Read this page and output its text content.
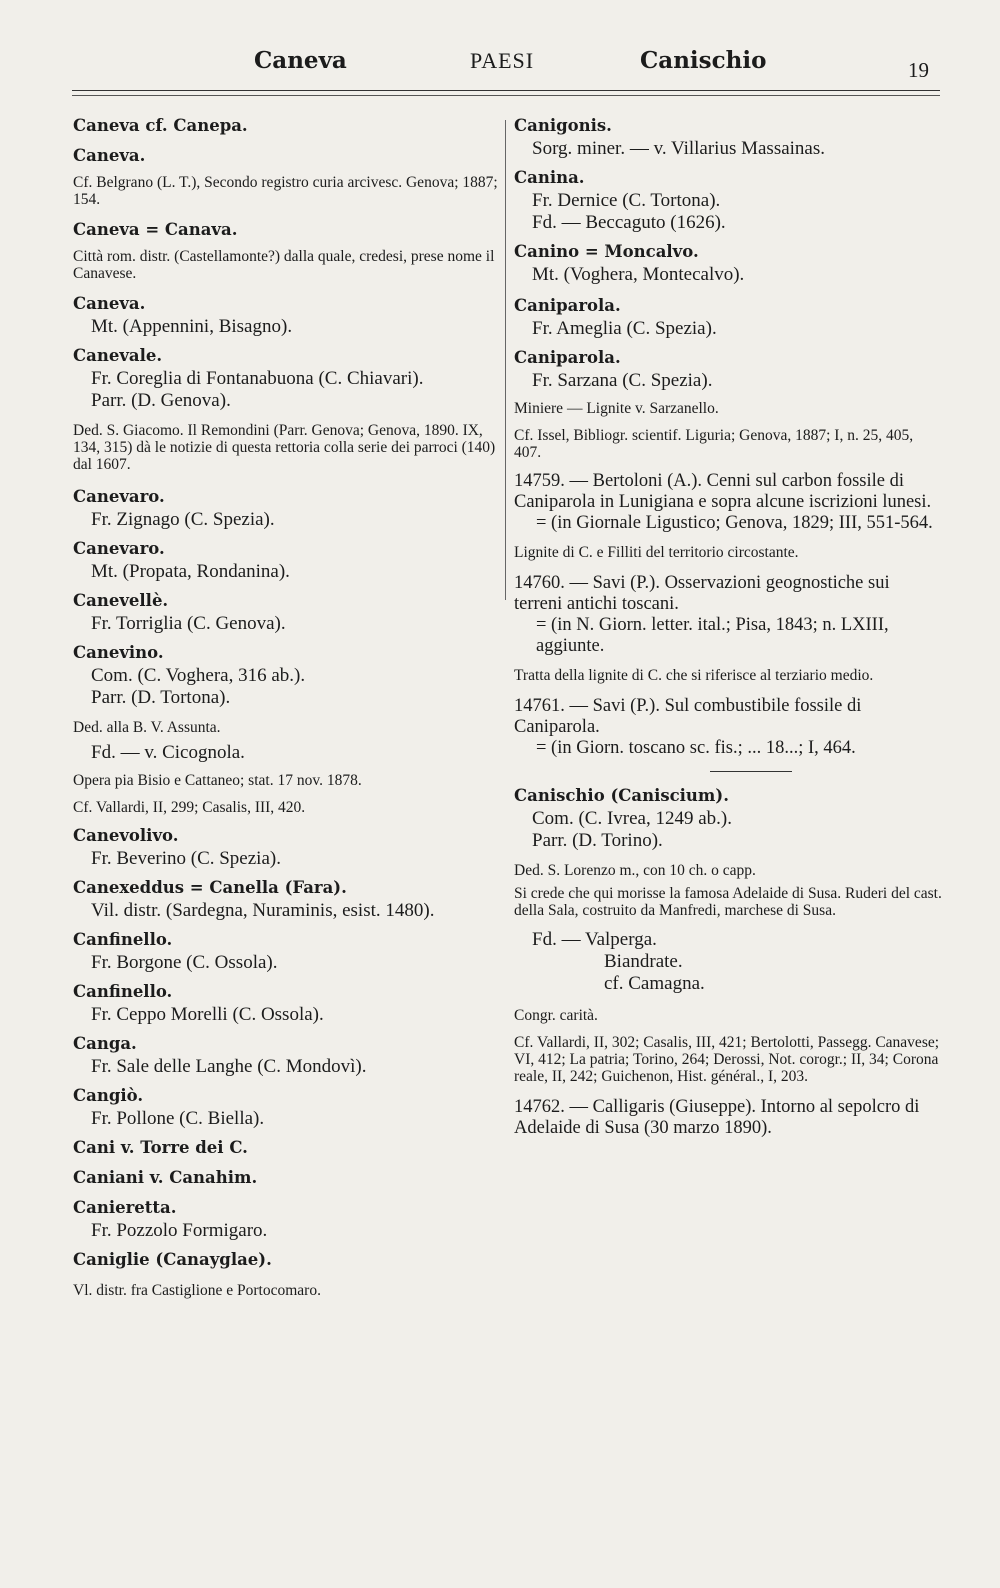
Caneva	PAESI	Canischio	19
Caneva cf. Canepa.
Caneva.
Cf. Belgrano (L. T.), Secondo registro curia arcivesc. Genova; 1887; 154.
Caneva = Canava.
Città rom. distr. (Castellamonte?) dalla quale, credesi, prese nome il Canavese.
Caneva.
Mt. (Appennini, Bisagno).
Canevale.
Fr. Coreglia di Fontanabuona (C. Chiavari).
Parr. (D. Genova).
Ded. S. Giacomo. Il Remondini (Parr. Genova; Genova, 1890. IX, 134, 315) dà le notizie di questa rettoria colla serie dei parroci (140) dal 1607.
Canevaro.
Fr. Zignago (C. Spezia).
Canevaro.
Mt. (Propata, Rondanina).
Canevellè.
Fr. Torriglia (C. Genova).
Canevino.
Com. (C. Voghera, 316 ab.).
Parr. (D. Tortona).
Ded. alla B. V. Assunta.
Fd. — v. Cicognola.
Opera pia Bisio e Cattaneo; stat. 17 nov. 1878.
Cf. Vallardi, II, 299; Casalis, III, 420.
Canevolivo.
Fr. Beverino (C. Spezia).
Canexeddus = Canella (Fara).
Vil. distr. (Sardegna, Nuraminis, esist. 1480).
Canfinello.
Fr. Borgone (C. Ossola).
Canfinello.
Fr. Ceppo Morelli (C. Ossola).
Canga.
Fr. Sale delle Langhe (C. Mondovì).
Cangiò.
Fr. Pollone (C. Biella).
Cani v. Torre dei C.
Caniani v. Canahim.
Canieretta.
Fr. Pozzolo Formigaro.
Caniglie (Canayglae).
Vl. distr. fra Castiglione e Portocomaro.
Canigonis.
Sorg. miner. — v. Villarius Massainas.
Canina.
Fr. Dernice (C. Tortona).
Fd. — Beccaguto (1626).
Canino = Moncalvo.
Mt. (Voghera, Montecalvo).
Caniparola.
Fr. Ameglia (C. Spezia).
Caniparola.
Fr. Sarzana (C. Spezia).
Miniere — Lignite v. Sarzanello.
Cf. Issel, Bibliogr. scientif. Liguria; Genova, 1887; I, n. 25, 405, 407.
14759. — Bertoloni (A.). Cenni sul carbon fossile di Caniparola in Lunigiana e sopra alcune iscrizioni lunesi.
= (in Giornale Ligustico; Genova, 1829; III, 551-564.
Lignite di C. e Filliti del territorio circostante.
14760. — Savi (P.). Osservazioni geognostiche sui terreni antichi toscani.
= (in N. Giorn. letter. ital.; Pisa, 1843; n. LXIII, aggiunte.
Tratta della lignite di C. che si riferisce al terziario medio.
14761. — Savi (P.). Sul combustibile fossile di Caniparola.
= (in Giorn. toscano sc. fis.; ... 18...; I, 464.
Canischio (Caniscium).
Com. (C. Ivrea, 1249 ab.).
Parr. (D. Torino).
Ded. S. Lorenzo m., con 10 ch. o capp.
Si crede che qui morisse la famosa Adelaide di Susa. Ruderi del cast. della Sala, costruito da Manfredi, marchese di Susa.
Fd. — Valperga.
Biandrate.
cf. Camagna.
Congr. carità.
Cf. Vallardi, II, 302; Casalis, III, 421; Bertolotti, Passegg. Canavese; VI, 412; La patria; Torino, 264; Derossi, Not. corogr.; II, 34; Corona reale, II, 242; Guichenon, Hist. général., I, 203.
14762. — Calligaris (Giuseppe). Intorno al sepolcro di Adelaide di Susa (30 marzo 1890).
